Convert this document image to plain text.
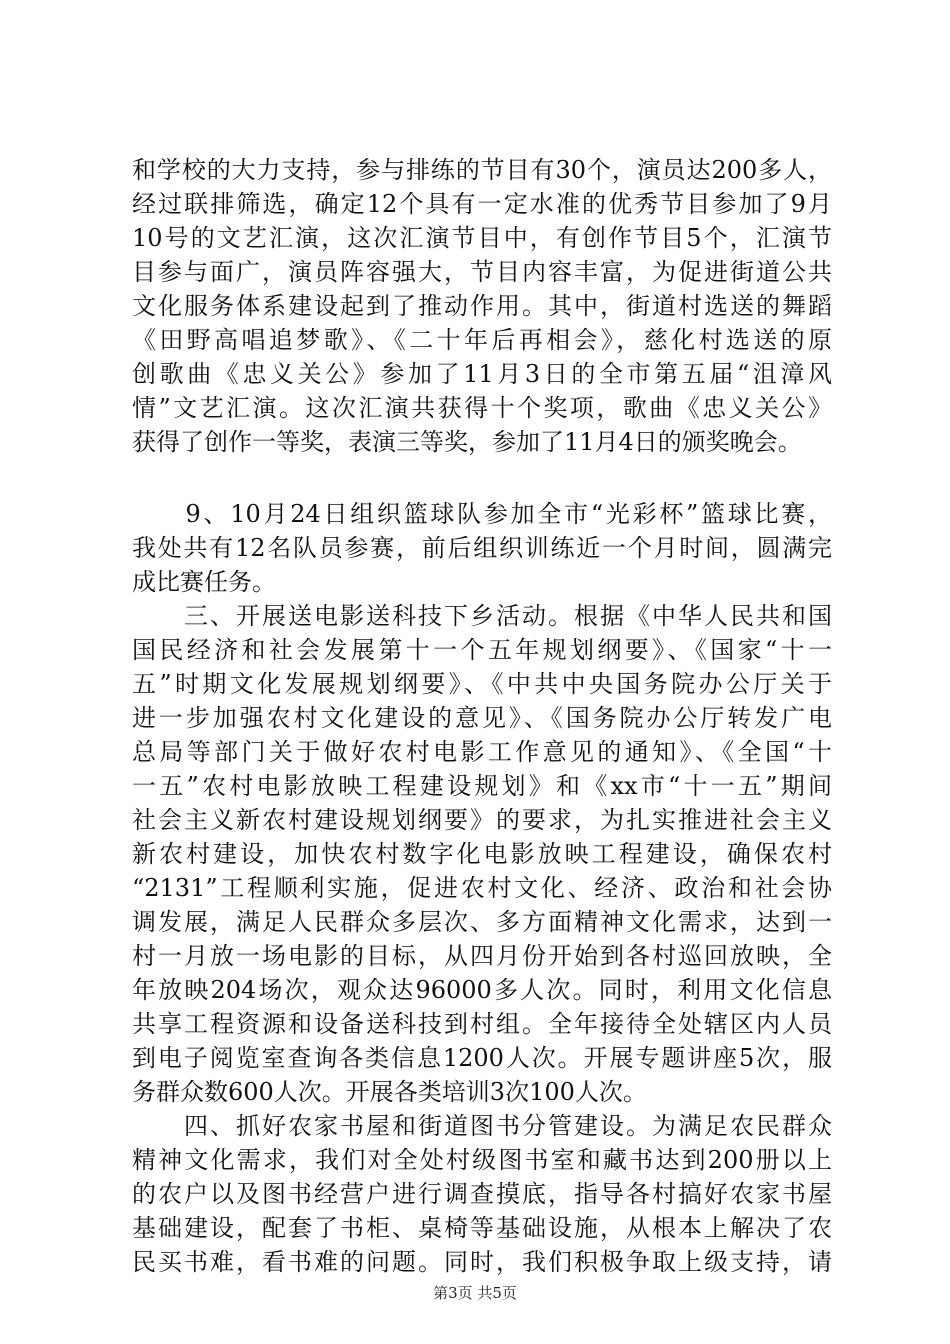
和学校的大力支持，参与排练的节目有30个，演员达200多人，
经过联排筛选，确定12个具有一定水准的优秀节目参加了9月
10号的文艺汇演，这次汇演节目中，有创作节目5个，汇演节
目参与面广，演员阵容强大，节目内容丰富，为促进街道公共
文化服务体系建设起到了推动作用。其中，街道村选送的舞蹈
《田野高唱追梦歌》、《二十年后再相会》，慈化村选送的原
创歌曲《忠义关公》参加了11月3日的全市第五届“沮漳风
情”文艺汇演。这次汇演共获得十个奖项，歌曲《忠义关公》
获得了创作一等奖，表演三等奖，参加了11月4日的颁奖晚会。
　　9、10月24日组织篮球队参加全市“光彩杯”篮球比赛，
我处共有12名队员参赛，前后组织训练近一个月时间，圆满完
成比赛任务。
　　三、开展送电影送科技下乡活动。根据《中华人民共和国
国民经济和社会发展第十一个五年规划纲要》、《国家“十一
五”时期文化发展规划纲要》、《中共中央国务院办公厅关于
进一步加强农村文化建设的意见》、《国务院办公厅转发广电
总局等部门关于做好农村电影工作意见的通知》、《全国“十
一五”农村电影放映工程建设规划》和《xx市“十一五”期间
社会主义新农村建设规划纲要》的要求，为扎实推进社会主义
新农村建设，加快农村数字化电影放映工程建设，确保农村
“2131”工程顺利实施，促进农村文化、经济、政治和社会协
调发展，满足人民群众多层次、多方面精神文化需求，达到一
村一月放一场电影的目标，从四月份开始到各村巡回放映，全
年放映204场次，观众达96000多人次。同时，利用文化信息
共享工程资源和设备送科技到村组。全年接待全处辖区内人员
到电子阅览室查询各类信息1200人次。开展专题讲座5次，服
务群众数600人次。开展各类培训3次100人次。
　　四、抓好农家书屋和街道图书分管建设。为满足农民群众
精神文化需求，我们对全处村级图书室和藏书达到200册以上
的农户以及图书经营户进行调查摸底，指导各村搞好农家书屋
基础建设，配套了书柜、桌椅等基础设施，从根本上解决了农
民买书难，看书难的问题。同时，我们积极争取上级支持，请
第3页 共5页
